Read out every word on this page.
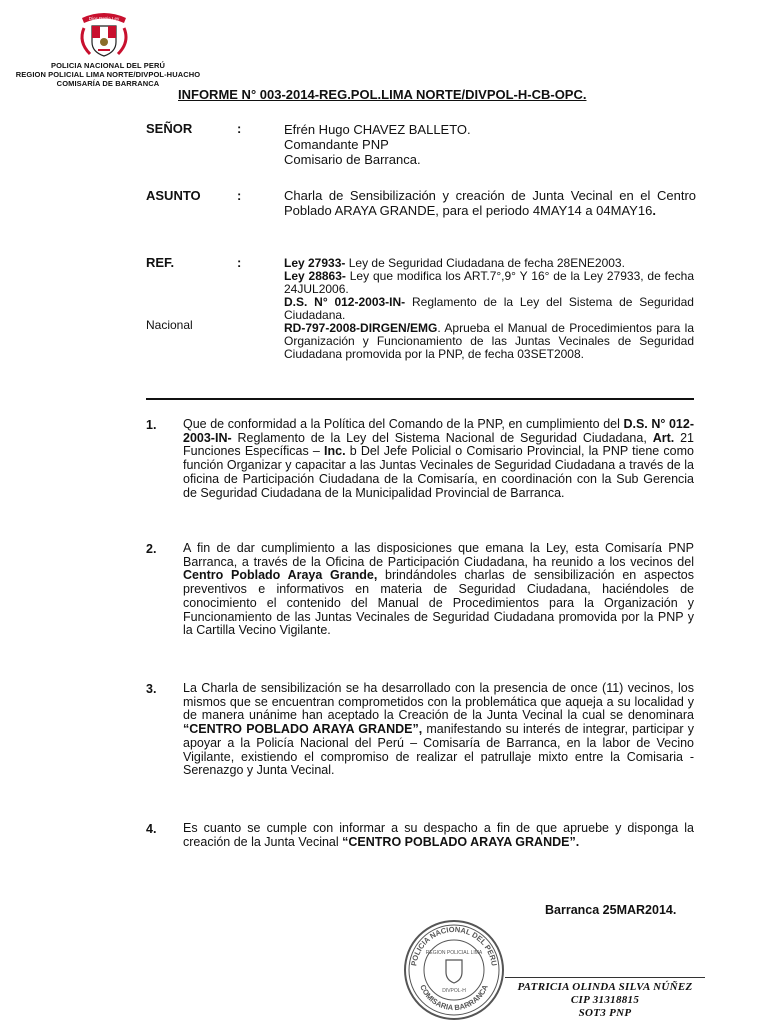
Dios Patria Ley
POLICIA NACIONAL DEL PERÚ
REGION POLICIAL LIMA NORTE/DIVPOL-HUACHO
COMISARÍA DE BARRANCA
INFORME N° 003-2014-REG.POL.LIMA NORTE/DIVPOL-H-CB-OPC.
SEÑOR	:	Efrén Hugo CHAVEZ BALLETO.
Comandante PNP
Comisario de Barranca.
ASUNTO	:	Charla de Sensibilización y creación de Junta Vecinal en el Centro Poblado ARAYA GRANDE, para el periodo 4MAY14 a 04MAY16.
REF.	:
Nacional
Ley 27933- Ley de Seguridad Ciudadana de fecha 28ENE2003.
Ley 28863- Ley que modifica los ART.7°,9° Y 16° de la Ley 27933, de fecha 24JUL2006.
D.S. N° 012-2003-IN- Reglamento de la Ley del Sistema de Seguridad Ciudadana.
RD-797-2008-DIRGEN/EMG. Aprueba el Manual de Procedimientos para la Organización y Funcionamiento de las Juntas Vecinales de Seguridad Ciudadana promovida por la PNP, de fecha 03SET2008.
1. Que de conformidad a la Política del Comando de la PNP, en cumplimiento del D.S. N° 012-2003-IN- Reglamento de la Ley del Sistema Nacional de Seguridad Ciudadana, Art. 21 Funciones Específicas – Inc. b Del Jefe Policial o Comisario Provincial, la PNP tiene como función Organizar y capacitar a las Juntas Vecinales de Seguridad Ciudadana a través de la oficina de Participación Ciudadana de la Comisaría, en coordinación con la Sub Gerencia de Seguridad Ciudadana de la Municipalidad Provincial de Barranca.
2. A fin de dar cumplimiento a las disposiciones que emana la Ley, esta Comisaría PNP Barranca, a través de la Oficina de Participación Ciudadana, ha reunido a los vecinos del Centro Poblado Araya Grande, brindándoles charlas de sensibilización en aspectos preventivos e informativos en materia de Seguridad Ciudadana, haciéndoles de conocimiento el contenido del Manual de Procedimientos para la Organización y Funcionamiento de las Juntas Vecinales de Seguridad Ciudadana promovida por la PNP y la Cartilla Vecino Vigilante.
3. La Charla de sensibilización se ha desarrollado con la presencia de once (11) vecinos, los mismos que se encuentran comprometidos con la problemática que aqueja a su localidad y de manera unánime han aceptado la Creación de la Junta Vecinal la cual se denominara “CENTRO POBLADO ARAYA GRANDE”, manifestando su interés de integrar, participar y apoyar a la Policía Nacional del Perú – Comisaría de Barranca, en la labor de Vecino Vigilante, existiendo el compromiso de realizar el patrullaje mixto entre la Comisaria - Serenazgo y Junta Vecinal.
4. Es cuanto se cumple con informar a su despacho a fin de que apruebe y disponga la creación de la Junta Vecinal “CENTRO POBLADO ARAYA GRANDE”.
Barranca 25MAR2014.
POLICIA NACIONAL DEL PERU
COMISARIA BARRANCA
REGION POLICIAL LIMA
DIVPOL-H	PATRICIA OLINDA SILVA NÚÑEZ
CIP 31318815
SOT3 PNP
